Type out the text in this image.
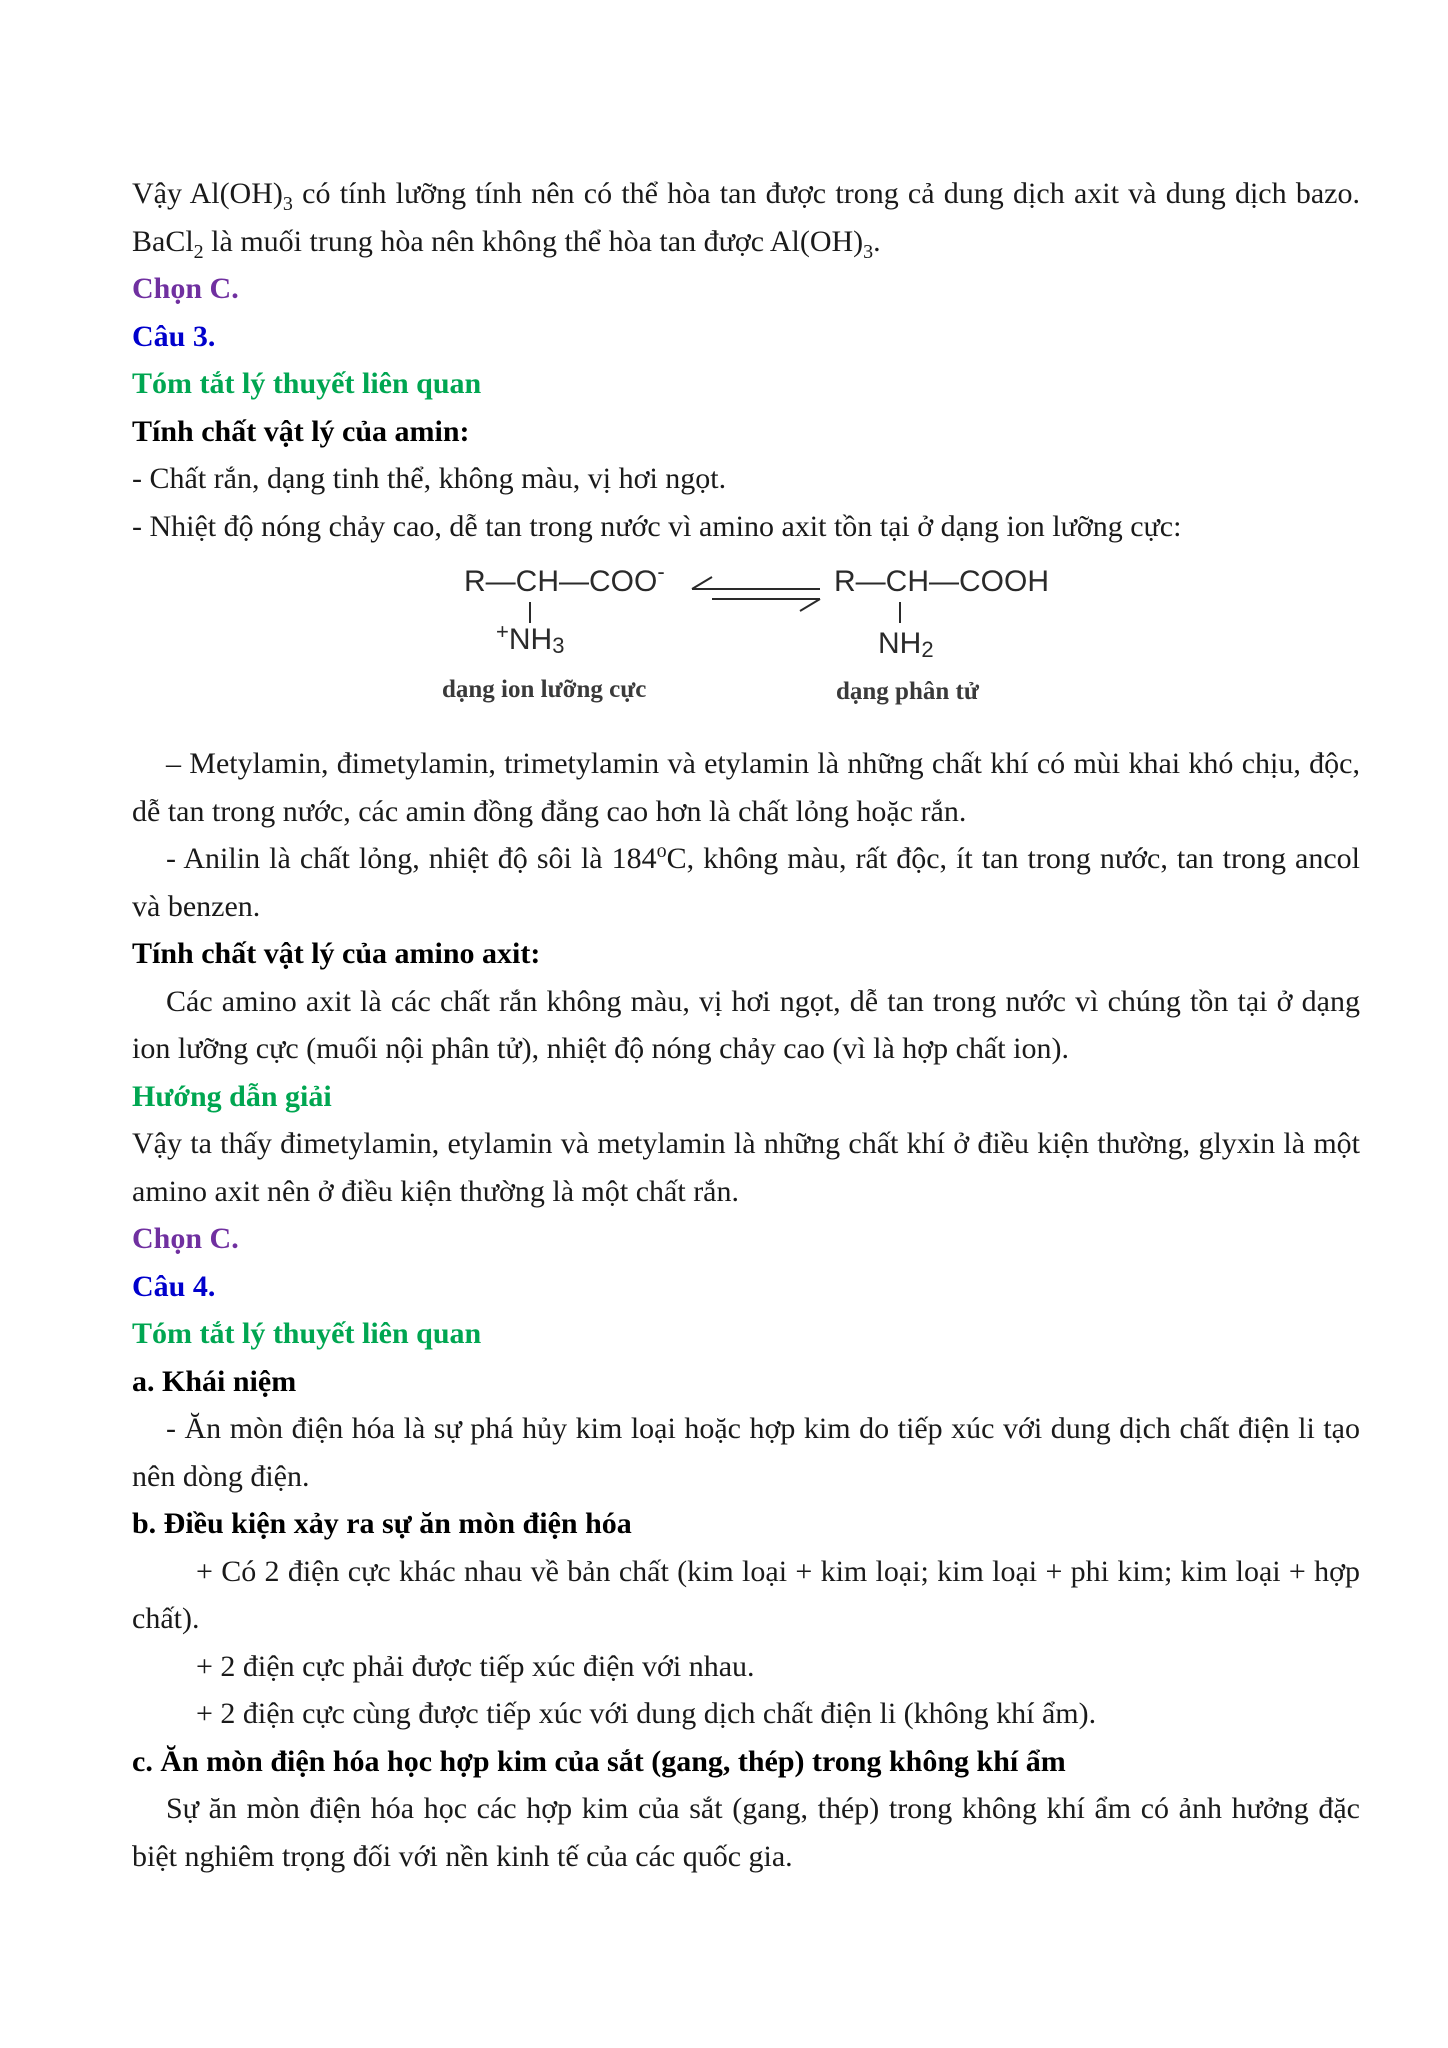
Vậy $Al(OH)_3$ có tính lưỡng tính nên có thể hòa tan được trong cả dung dịch axit và dung dịch bazo. BaCl$_2$ là muối trung hòa nên không thể hòa tan được $Al(OH)_3$.

Chọn C.

Câu 3.

Tóm tắt lý thuyết liên quan

Tính chất vật lý của amin:

- Chất rắn, dạng tinh thể, không màu, vị hơi ngọt.

- Nhiệt độ nóng chảy cao, dễ tan trong nước vì amino axit tồn tại ở dạng ion lưỡng cực:

R—CH—COO-
+NH3
R—CH—COOH
NH2
dạng ion lưỡng cực	dạng phân tử

– Metylamin, đimetylamin, trimetylamin và etylamin là những chất khí có mùi khai khó chịu, độc, dễ tan trong nước, các amin đồng đẳng cao hơn là chất lỏng hoặc rắn.

- Anilin là chất lỏng, nhiệt độ sôi là 184$^o$C, không màu, rất độc, ít tan trong nước, tan trong ancol và benzen.

Tính chất vật lý của amino axit:

Các amino axit là các chất rắn không màu, vị hơi ngọt, dễ tan trong nước vì chúng tồn tại ở dạng ion lưỡng cực (muối nội phân tử), nhiệt độ nóng chảy cao (vì là hợp chất ion).

Hướng dẫn giải

Vậy ta thấy đimetylamin, etylamin và metylamin là những chất khí ở điều kiện thường, glyxin là một amino axit nên ở điều kiện thường là một chất rắn.

Chọn C.

Câu 4.

Tóm tắt lý thuyết liên quan

a. Khái niệm

- Ăn mòn điện hóa là sự phá hủy kim loại hoặc hợp kim do tiếp xúc với dung dịch chất điện li tạo nên dòng điện.

b. Điều kiện xảy ra sự ăn mòn điện hóa

+ Có 2 điện cực khác nhau về bản chất (kim loại + kim loại; kim loại + phi kim; kim loại + hợp chất).

+ 2 điện cực phải được tiếp xúc điện với nhau.

+ 2 điện cực cùng được tiếp xúc với dung dịch chất điện li (không khí ẩm).

c. Ăn mòn điện hóa học hợp kim của sắt (gang, thép) trong không khí ẩm

Sự ăn mòn điện hóa học các hợp kim của sắt (gang, thép) trong không khí ẩm có ảnh hưởng đặc biệt nghiêm trọng đối với nền kinh tế của các quốc gia.
